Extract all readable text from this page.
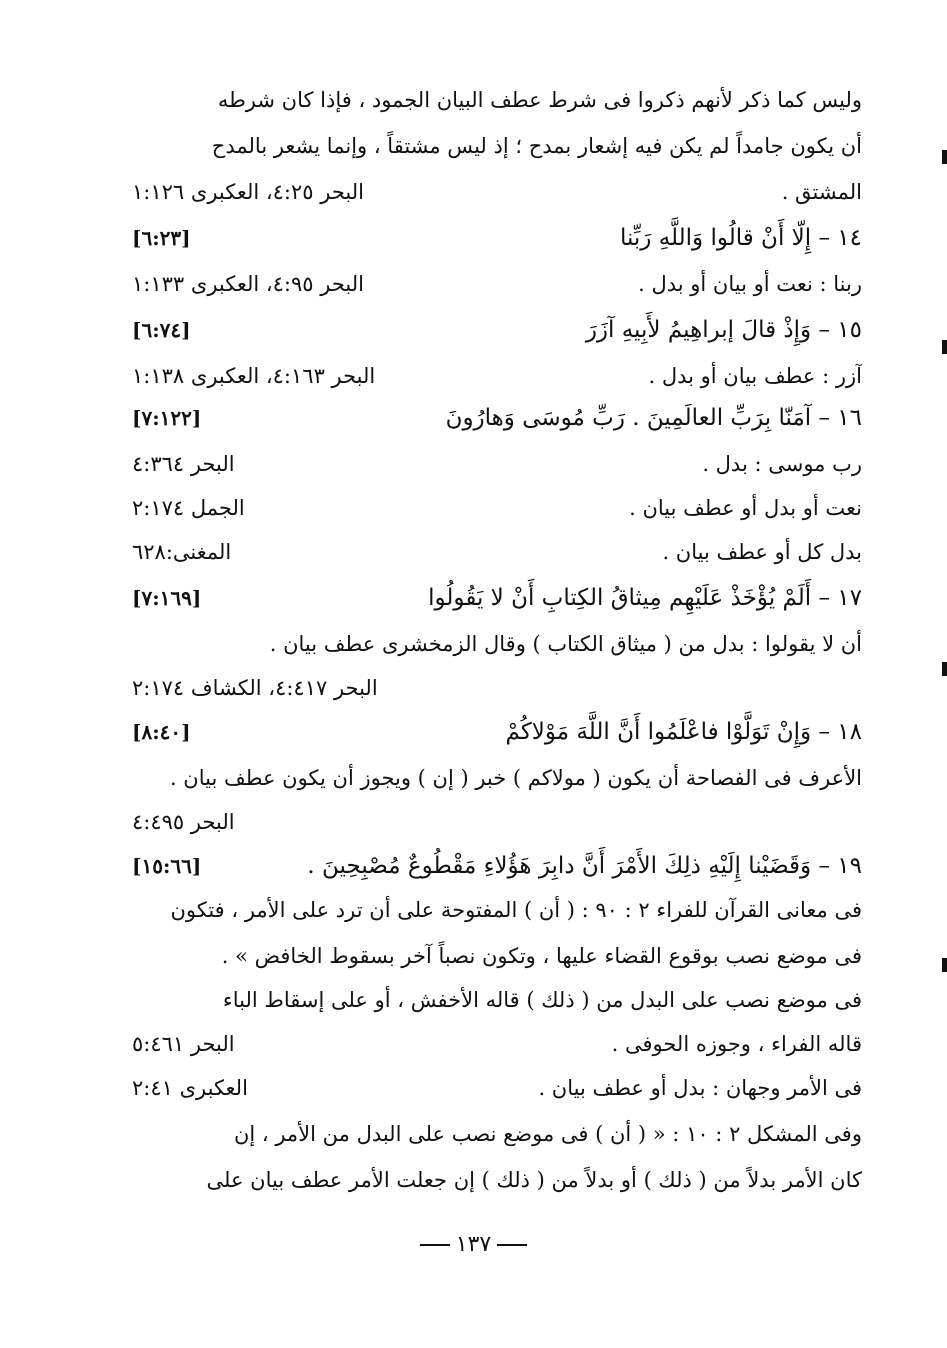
وليس كما ذكر لأنهم ذكروا فى شرط عطف البيان الجمود ، فإذا كان شرطه
أن يكون جامداً لم يكن فيه إشعار بمدح ؛ إذ ليس مشتقاً ، وإنما يشعر بالمدح
المشتق .
البحر ٤:٢٥، العكبرى ١:١٢٦
١٤ – إِلّا أَنْ قالُوا وَاللَّهِ رَبِّنا
[٦:٢٣]
ربنا : نعت أو بيان أو بدل .
البحر ٤:٩٥، العكبرى ١:١٣٣
١٥ – وَإِذْ قالَ إبراهِيمُ لأَبِيهِ آزَرَ
[٦:٧٤]
آزر : عطف بيان أو بدل .
البحر ٤:١٦٣، العكبرى ١:١٣٨
١٦ – آمَنّا بِرَبِّ العالَمِينَ . رَبِّ مُوسَى وَهارُونَ
[٧:١٢٢]
رب موسى : بدل .
البحر ٤:٣٦٤
نعت أو بدل أو عطف بيان .
الجمل ٢:١٧٤
بدل كل أو عطف بيان .
المغنى:٦٢٨
١٧ – أَلَمْ يُؤْخَذْ عَلَيْهِم مِيثاقُ الكِتابِ أَنْ لا يَقُولُوا
[٧:١٦٩]
أن لا يقولوا : بدل من ( ميثاق الكتاب ) وقال الزمخشرى عطف بيان .
البحر ٤:٤١٧، الكشاف ٢:١٧٤
١٨ – وَإِنْ تَوَلَّوْا فاعْلَمُوا أَنَّ اللَّهَ مَوْلاكُمْ
[٨:٤٠]
الأعرف فى الفصاحة أن يكون ( مولاكم ) خبر ( إن ) ويجوز أن يكون عطف بيان .
البحر ٤:٤٩٥
١٩ – وَقَضَيْنا إِلَيْهِ ذلِكَ الأَمْرَ أَنَّ دابِرَ هَؤُلاءِ مَقْطُوعٌ مُصْبِحِينَ .
[١٥:٦٦]
فى معانى القرآن للفراء ٢ : ٩٠ : ( أن ) المفتوحة على أن ترد على الأمر ، فتكون
فى موضع نصب بوقوع القضاء عليها ، وتكون نصباً آخر بسقوط الخافض » .
فى موضع نصب على البدل من ( ذلك ) قاله الأخفش ، أو على إسقاط الباء
قاله الفراء ، وجوزه الحوفى .
البحر ٥:٤٦١
فى الأمر وجهان : بدل أو عطف بيان .
العكبرى ٢:٤١
وفى المشكل ٢ : ١٠ : « ( أن ) فى موضع نصب على البدل من الأمر ، إن
كان الأمر بدلاً من ( ذلك ) أو بدلاً من ( ذلك ) إن جعلت الأمر عطف بيان على
١٣٧
